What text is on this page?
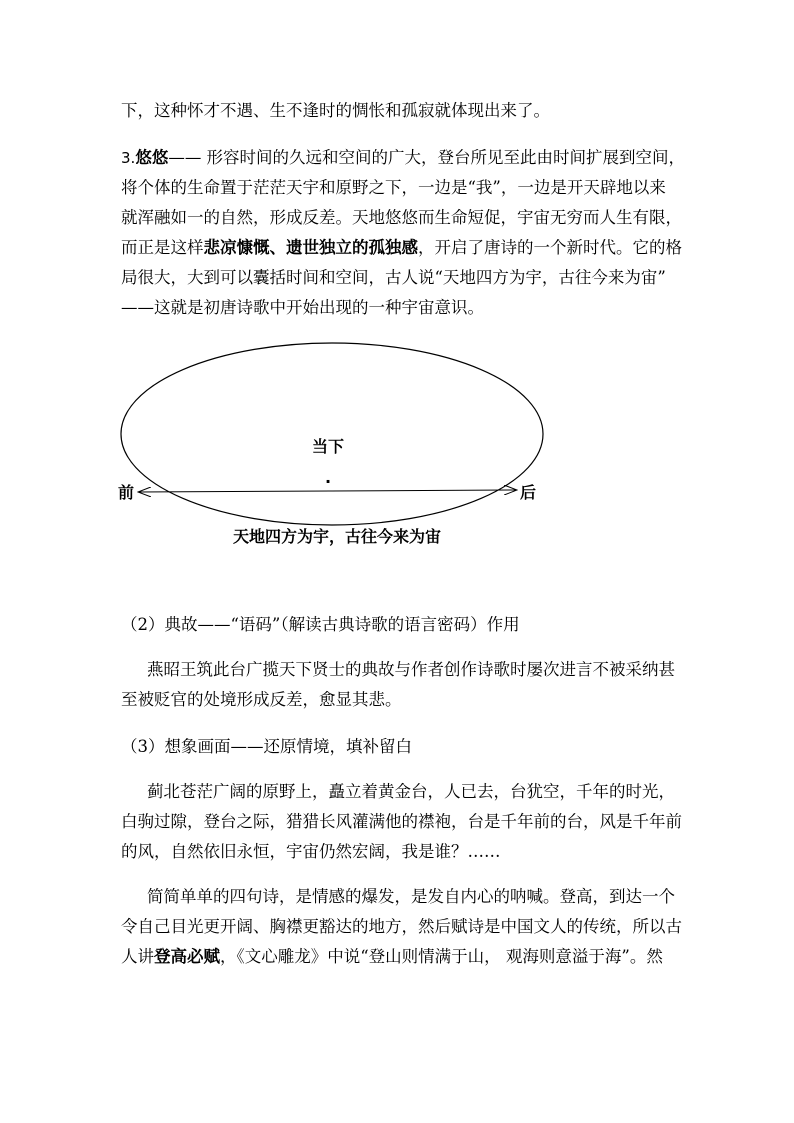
下，这种怀才不遇、生不逢时的惆怅和孤寂就体现出来了。
3.悠悠—— 形容时间的久远和空间的广大，登台所见至此由时间扩展到空间，
将个体的生命置于茫茫天宇和原野之下，一边是“我”，一边是开天辟地以来
就浑融如一的自然，形成反差。天地悠悠而生命短促，宇宙无穷而人生有限，
而正是这样悲凉慷慨、遗世独立的孤独感，开启了唐诗的一个新时代。它的格
局很大，大到可以囊括时间和空间，古人说“天地四方为宇，古往今来为宙”
——这就是初唐诗歌中开始出现的一种宇宙意识。
当下
.
前	后
天地四方为宇，古往今来为宙
（2）典故——“语码”（解读古典诗歌的语言密码）作用
燕昭王筑此台广揽天下贤士的典故与作者创作诗歌时屡次进言不被采纳甚
至被贬官的处境形成反差，愈显其悲。
（3）想象画面——还原情境，填补留白
蓟北苍茫广阔的原野上，矗立着黄金台，人已去，台犹空，千年的时光，
白驹过隙，登台之际，猎猎长风灌满他的襟袍，台是千年前的台，风是千年前
的风，自然依旧永恒，宇宙仍然宏阔，我是谁？……
简简单单的四句诗，是情感的爆发，是发自内心的呐喊。登高，到达一个
令自己目光更开阔、胸襟更豁达的地方，然后赋诗是中国文人的传统，所以古
人讲登高必赋，《文心雕龙》中说“登山则情满于山， 观海则意溢于海”。然
